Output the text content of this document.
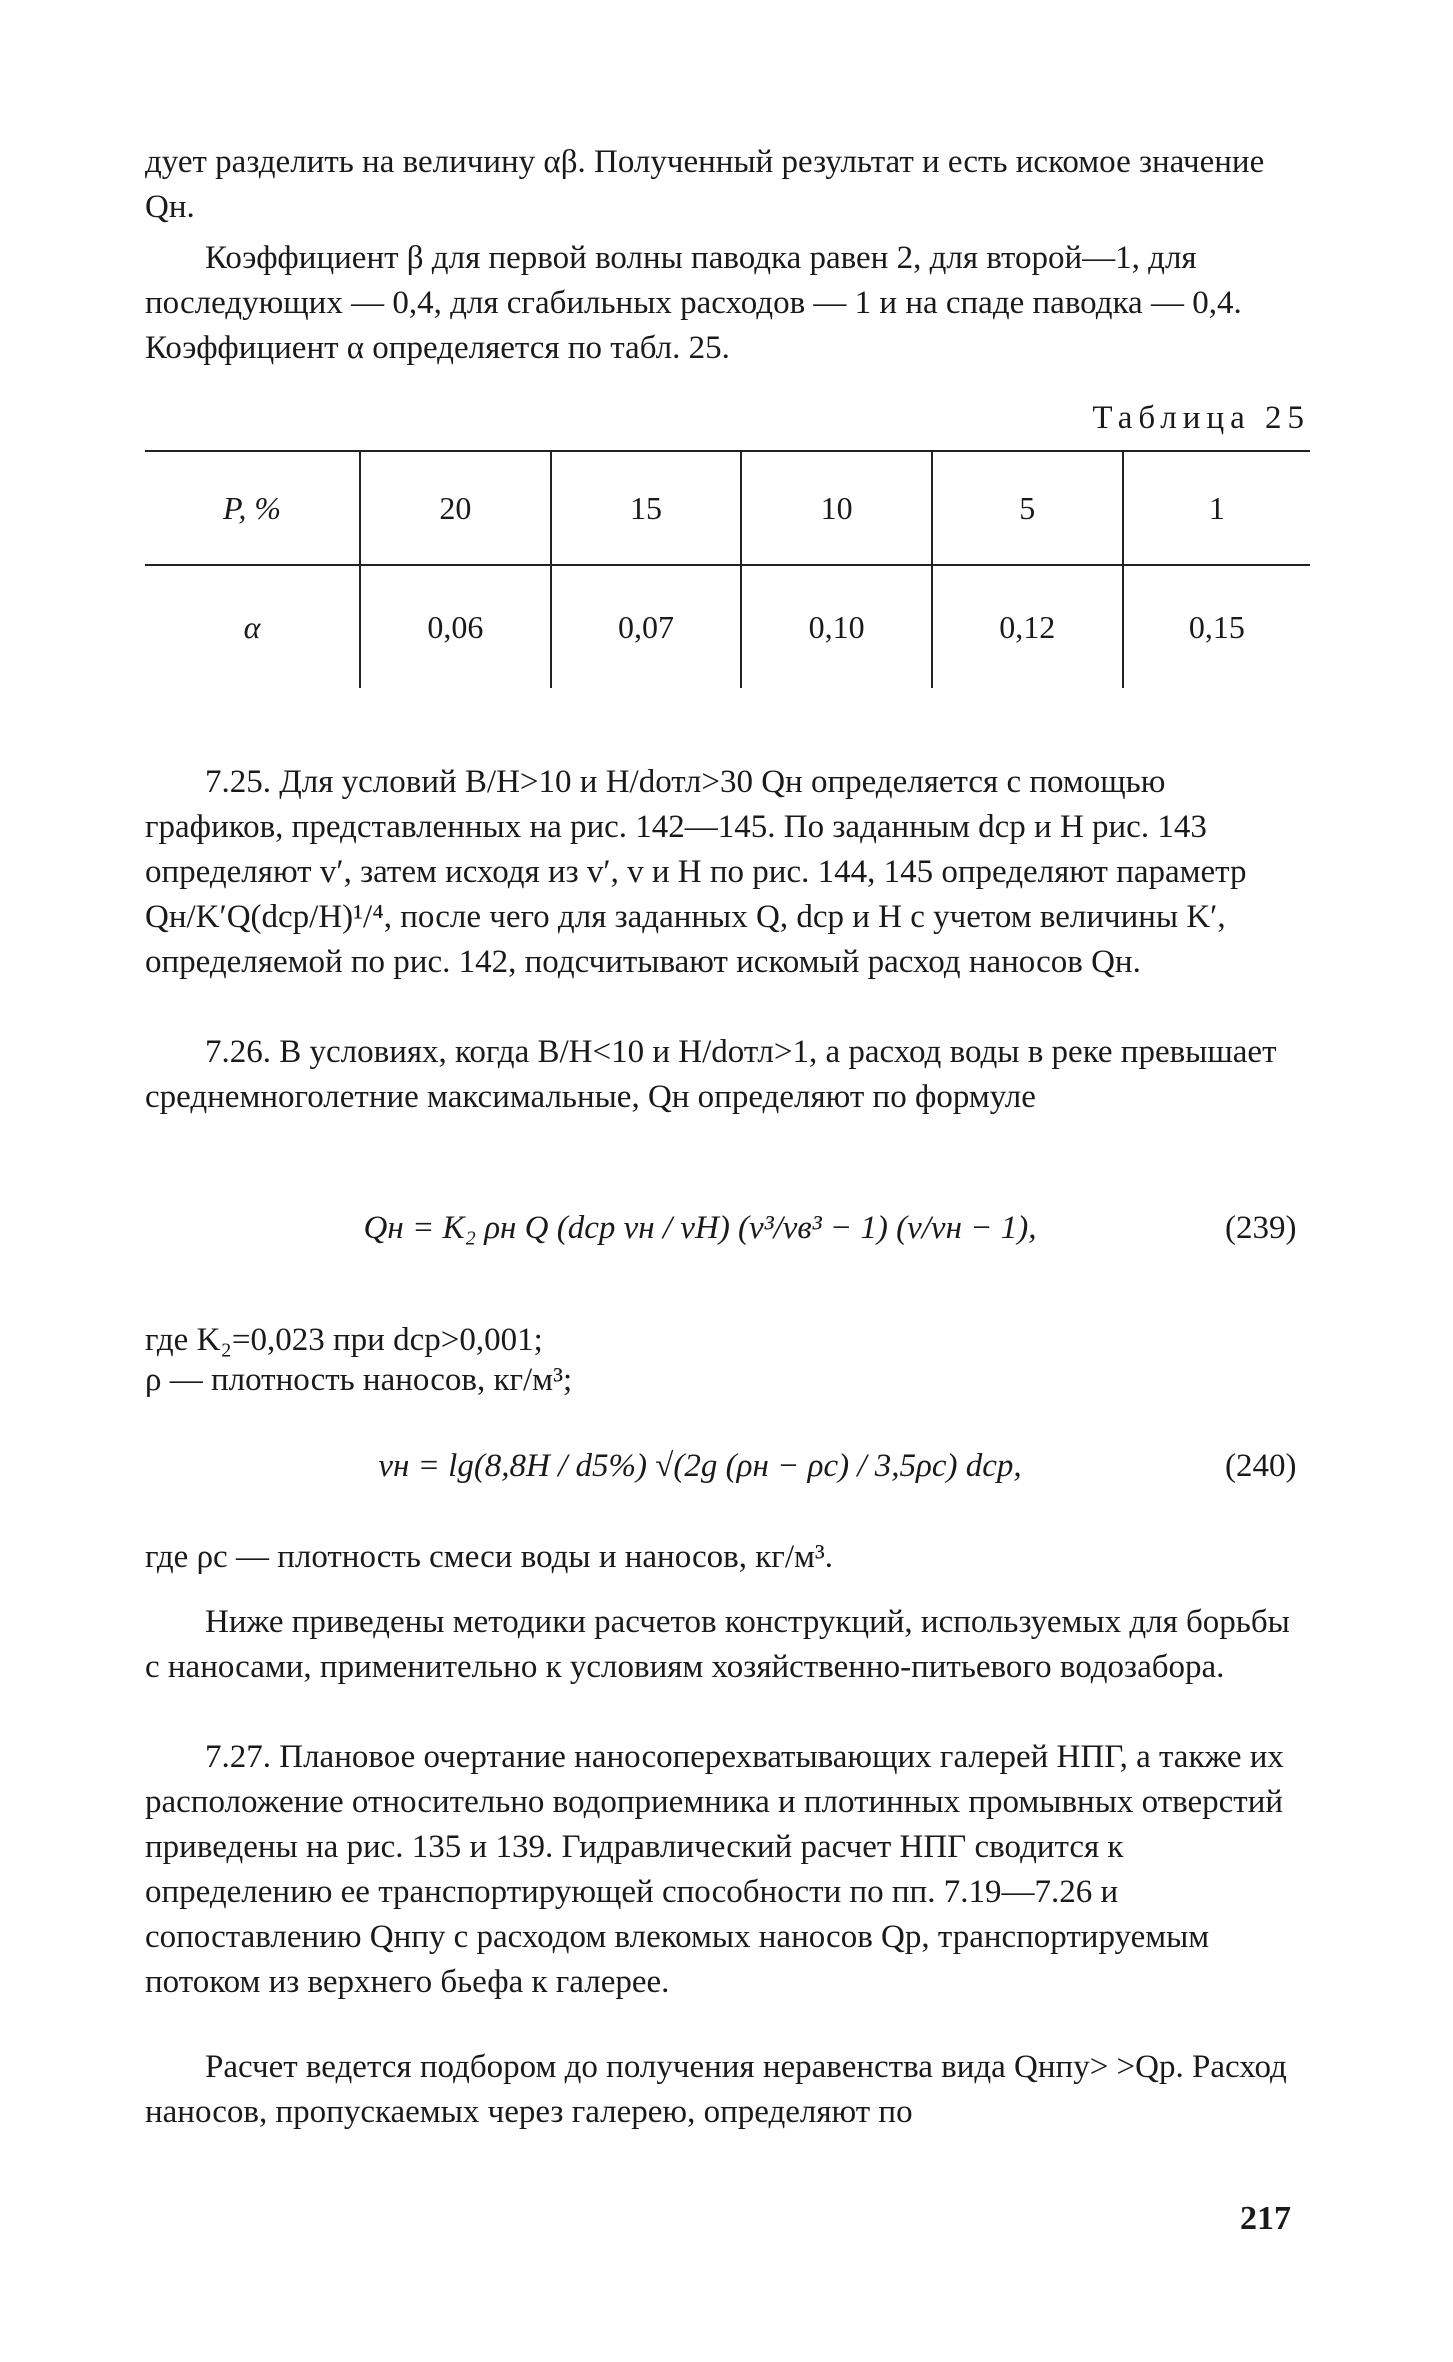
дует разделить на величину αβ. Полученный результат и есть искомое значение Qн.

Коэффициент β для первой волны паводка равен 2, для второй—1, для последующих — 0,4, для сгабильных расходов — 1 и на спаде паводка — 0,4. Коэффициент α определяется по табл. 25.

Таблица 25
P, %	20	15	10	5	1
α	0,06	0,07	0,10	0,12	0,15

7.25. Для условий B/H>10 и H/dотл>30 Qн определяется с помощью графиков, представленных на рис. 142—145. По заданным dср и H рис. 143 определяют v′, затем исходя из v′, v и H по рис. 144, 145 определяют параметр Qн/K′Q(dср/H)¹/⁴, после чего для заданных Q, dср и H с учетом величины K′, определяемой по рис. 142, подсчитывают искомый расход наносов Qн.

7.26. В условиях, когда B/H<10 и H/dотл>1, а расход воды в реке превышает среднемноголетние максимальные, Qн определяют по формуле

Qн = K₂ ρн Q (dср vн / vH) (v³/vв³ − 1) (v/vн − 1),	(239)

где K₂=0,023 при dср>0,001;

ρ — плотность наносов, кг/м³;

vн = lg(8,8H / d5%) √(2g (ρн − ρс) / 3,5ρс) dср,	(240)

где ρс — плотность смеси воды и наносов, кг/м³.

Ниже приведены методики расчетов конструкций, используемых для борьбы с наносами, применительно к условиям хозяйственно-питьевого водозабора.

7.27. Плановое очертание наносоперехватывающих галерей НПГ, а также их расположение относительно водоприемника и плотинных промывных отверстий приведены на рис. 135 и 139. Гидравлический расчет НПГ сводится к определению ее транспортирующей способности по пп. 7.19—7.26 и сопоставлению Qнпу с расходом влекомых наносов Qр, транспортируемым потоком из верхнего бьефа к галерее.

Расчет ведется подбором до получения неравенства вида Qнпу> >Qр. Расход наносов, пропускаемых через галерею, определяют по

217
